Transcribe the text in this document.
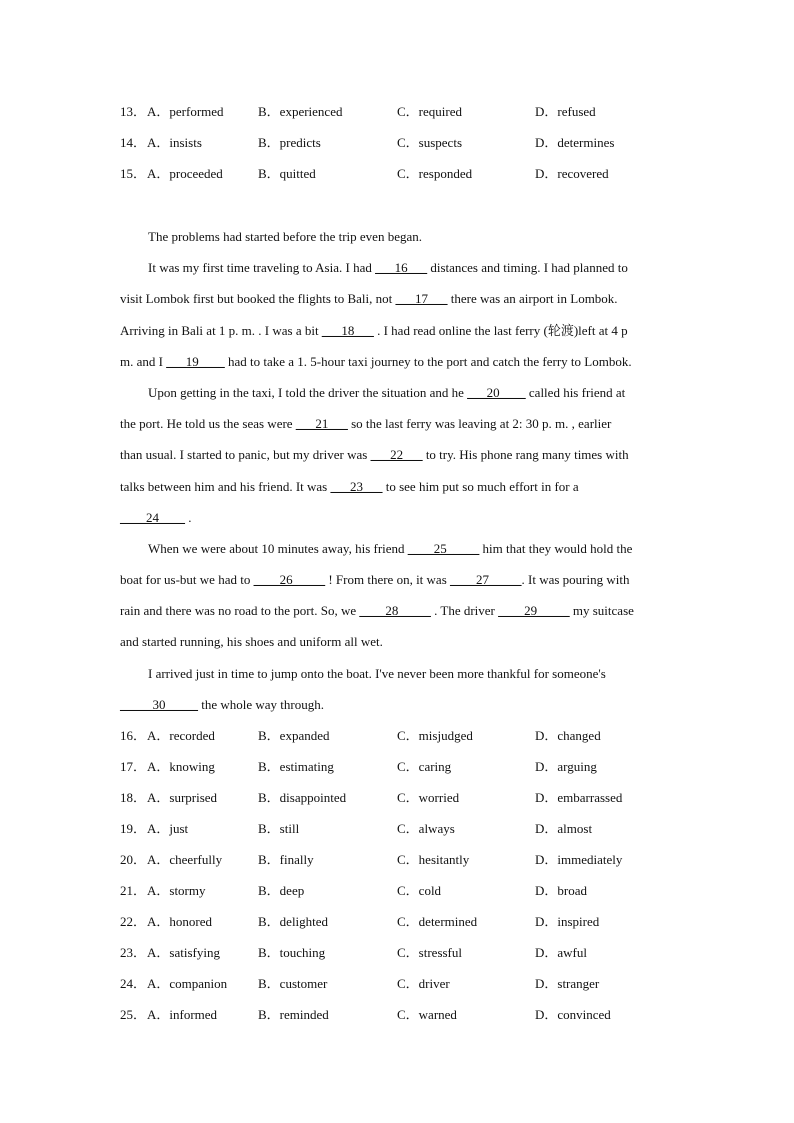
13． A．performed	B．experienced	C．required	D．refused
14． A．insists	B．predicts	C．suspects	D．determines
15． A．proceeded	B．quitted	C．responded	D．recovered
The problems had started before the trip even began.
It was my first time traveling to Asia. I had ___16___ distances and timing. I had planned to
visit Lombok first but booked the flights to Bali, not ___17___ there was an airport in Lombok.
Arriving in Bali at 1 p. m. . I was a bit ___18___ . I had read online the last ferry (轮渡)left at 4 p
m. and I ___19____ had to take a 1. 5-hour taxi journey to the port and catch the ferry to Lombok.
Upon getting in the taxi, I told the driver the situation and he ___20____ called his friend at
the port. He told us the seas were ___21___ so the last ferry was leaving at 2: 30 p. m. , earlier
than usual. I started to panic, but my driver was ___22___ to try. His phone rang many times with
talks between him and his friend. It was ___23___ to see him put so much effort in for a
____24____ .
When we were about 10 minutes away, his friend ____25_____ him that they would hold the
boat for us-but we had to ____26_____ ! From there on, it was ____27_____. It was pouring with
rain and there was no road to the port. So, we ____28_____ . The driver ____29_____ my suitcase
and started running, his shoes and uniform all wet.
I arrived just in time to jump onto the boat. I've never been more thankful for someone's
_____30_____ the whole way through.
16． A．recorded	B．expanded	C．misjudged	D．changed
17． A．knowing	B．estimating	C．caring	D．arguing
18． A．surprised	B．disappointed	C．worried	D．embarrassed
19． A．just	B．still	C．always	D．almost
20． A．cheerfully	B．finally	C．hesitantly	D．immediately
21． A．stormy	B．deep	C．cold	D．broad
22． A．honored	B．delighted	C．determined	D．inspired
23． A．satisfying	B．touching	C．stressful	D．awful
24． A．companion B．customer	C．driver	D．stranger
25． A．informed	B．reminded	C．warned	D．convinced
